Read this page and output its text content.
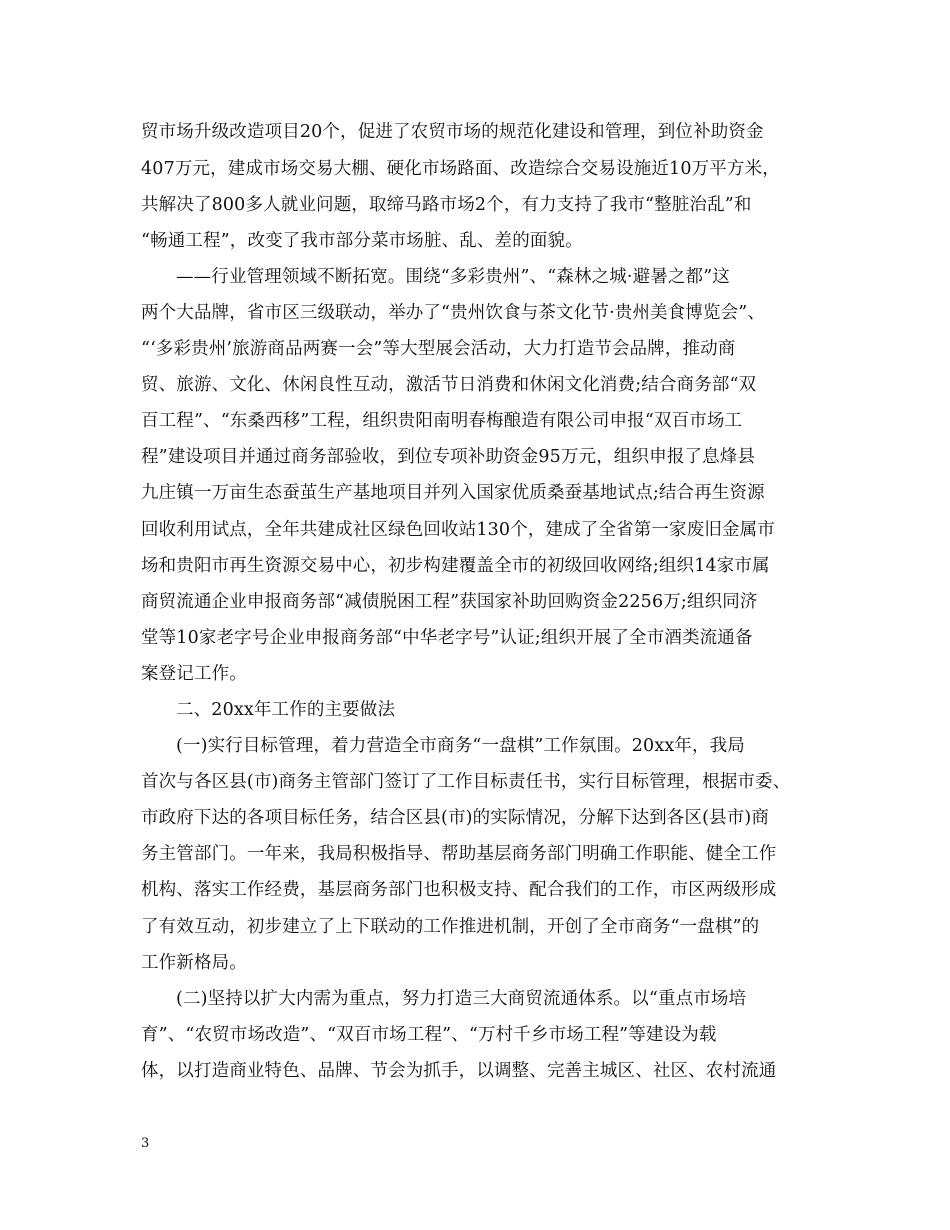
贸市场升级改造项目20个，促进了农贸市场的规范化建设和管理，到位补助资金
407万元，建成市场交易大棚、硬化市场路面、改造综合交易设施近10万平方米，
共解决了800多人就业问题，取缔马路市场2个，有力支持了我市“整脏治乱”和
“畅通工程”，改变了我市部分菜市场脏、乱、差的面貌。
——行业管理领域不断拓宽。围绕“多彩贵州”、“森林之城·避暑之都”这
两个大品牌，省市区三级联动，举办了“贵州饮食与茶文化节·贵州美食博览会”、
“‘多彩贵州’旅游商品两赛一会”等大型展会活动，大力打造节会品牌，推动商
贸、旅游、文化、休闲良性互动，激活节日消费和休闲文化消费;结合商务部“双
百工程”、“东桑西移”工程，组织贵阳南明春梅酿造有限公司申报“双百市场工
程”建设项目并通过商务部验收，到位专项补助资金95万元，组织申报了息烽县
九庄镇一万亩生态蚕茧生产基地项目并列入国家优质桑蚕基地试点;结合再生资源
回收利用试点，全年共建成社区绿色回收站130个，建成了全省第一家废旧金属市
场和贵阳市再生资源交易中心，初步构建覆盖全市的初级回收网络;组织14家市属
商贸流通企业申报商务部“减债脱困工程”获国家补助回购资金2256万;组织同济
堂等10家老字号企业申报商务部“中华老字号”认证;组织开展了全市酒类流通备
案登记工作。
二、20xx年工作的主要做法
(一)实行目标管理，着力营造全市商务“一盘棋”工作氛围。20xx年，我局
首次与各区县(市)商务主管部门签订了工作目标责任书，实行目标管理，根据市委、
市政府下达的各项目标任务，结合区县(市)的实际情况，分解下达到各区(县市)商
务主管部门。一年来，我局积极指导、帮助基层商务部门明确工作职能、健全工作
机构、落实工作经费，基层商务部门也积极支持、配合我们的工作，市区两级形成
了有效互动，初步建立了上下联动的工作推进机制，开创了全市商务“一盘棋”的
工作新格局。
(二)坚持以扩大内需为重点，努力打造三大商贸流通体系。以“重点市场培
育”、“农贸市场改造”、“双百市场工程”、“万村千乡市场工程”等建设为载
体，以打造商业特色、品牌、节会为抓手，以调整、完善主城区、社区、农村流通
3
